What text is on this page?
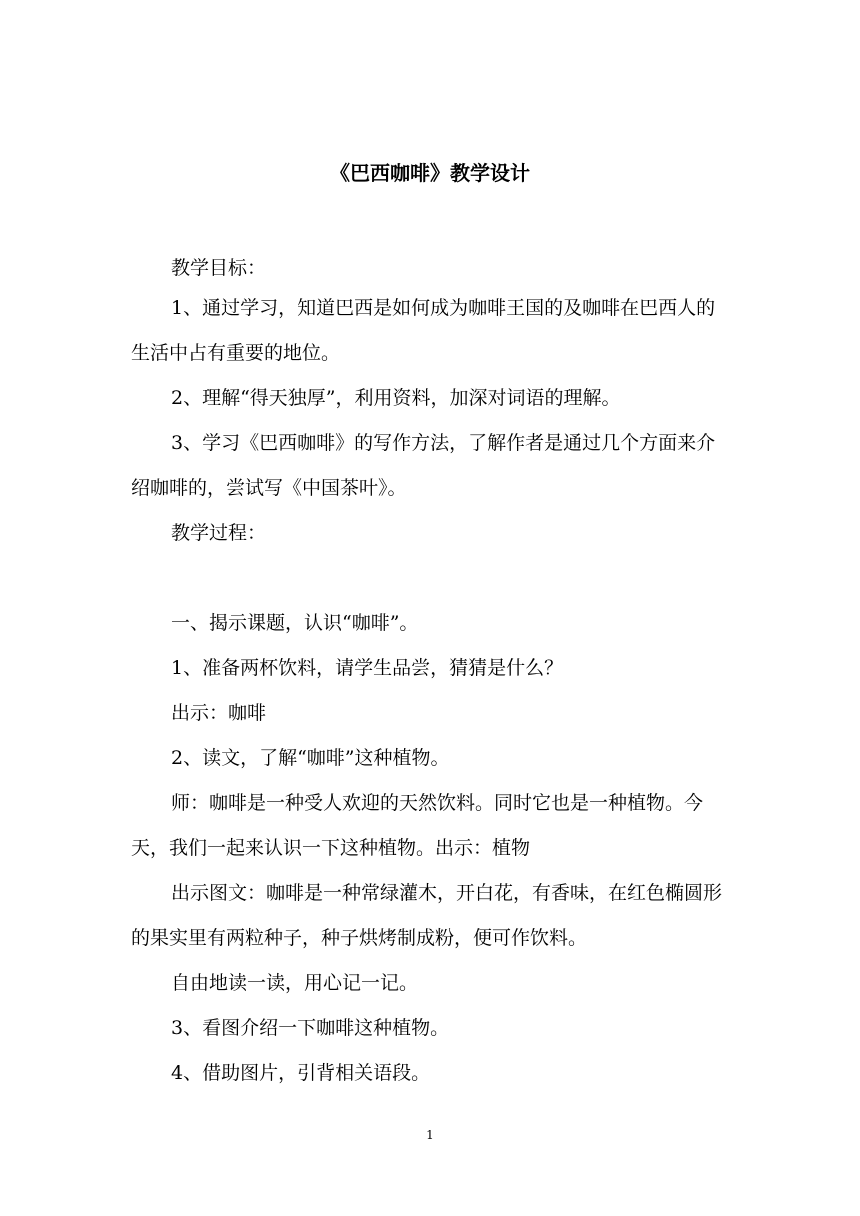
《巴西咖啡》教学设计

教学目标：

1、通过学习，知道巴西是如何成为咖啡王国的及咖啡在巴西人的生活中占有重要的地位。

2、理解“得天独厚”，利用资料，加深对词语的理解。

3、学习《巴西咖啡》的写作方法，了解作者是通过几个方面来介绍咖啡的，尝试写《中国茶叶》。

教学过程：

一、揭示课题，认识“咖啡”。

1、准备两杯饮料，请学生品尝，猜猜是什么？

出示：咖啡

2、读文，了解“咖啡”这种植物。

师：咖啡是一种受人欢迎的天然饮料。同时它也是一种植物。今天，我们一起来认识一下这种植物。出示：植物

出示图文：咖啡是一种常绿灌木，开白花，有香味，在红色椭圆形的果实里有两粒种子，种子烘烤制成粉，便可作饮料。

自由地读一读，用心记一记。

3、看图介绍一下咖啡这种植物。

4、借助图片，引背相关语段。

1
